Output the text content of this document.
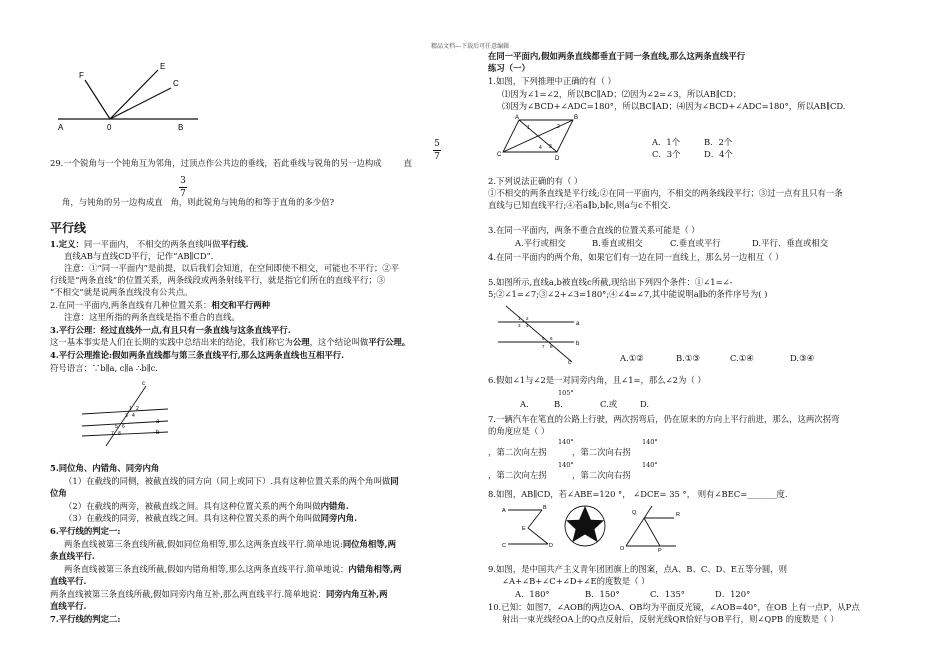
精品文档---下载后可任意编辑
F
E
C
A	0	B
5
7
29.一个锐角与一个钝角互为邻角，过顶点作公共边的垂线，若此垂线与锐角的另一边构成	直
3
7
角，与钝角的另一边构成直 角，则此锐角与钝角的和等于直角的多少倍?
平行线
1.定义：同一平面内， 不相交的两条直线叫做平行线.
直线AB与直线CD平行，记作“AB∥CD”.
注意：①“同一平面内”是前提，以后我们会知道，在空间即使不相交，可能也不平行；②平
行线是“两条直线”的位置关系，两条线段或两条射线平行，就是指它们所在的直线平行；③
“不相交”就是说两条直线没有公共点。
2.在同一平面内,两条直线有几种位置关系：相交和平行两种
注意：这里所指的两条直线是指不重合的直线。
3.平行公理：经过直线外一点,有且只有一条直线与这条直线平行.
这一基本事实是人们在长期的实践中总结出来的结论，我们称它为公理，这个结论叫做平行公理。
4.平行公理推论:假如两条直线都与第三条直线平行,那么这两条直线也互相平行.
符号语言：∵b∥a, c∥a ∴b∥c.
c
a
b
1 2
3 4
5 6
7 8
5.同位角、内错角、同旁内角
（1）在截线的同侧，被截直线的同方向（同上或同下）.具有这种位置关系的两个角叫做同
位角
（2）在截线的两旁，被截直线之间。具有这种位置关系的两个角叫做内错角.
（3）在截线的同旁，被截直线之间。具有这种位置关系的两个角叫做同旁内角.
6.平行线的判定一:
两条直线被第三条直线所截,假如同位角相等,那么这两条直线平行.简单地说:同位角相等,两
条直线平行.
两条直线被第三条直线所截,假如内错角相等,那么这两条直线平行.简单地说：内错角相等,两
直线平行.
两条直线被第三条直线所截,假如同旁内角互补,那么两直线平行.简单地说：同旁内角互补,两
直线平行.
7.平行线的判定二:
在同一平面内,假如两条直线都垂直于同一条直线,那么这两条直线平行
练习（一）
1.如图，下列推理中正确的有（ ）
⑴因为∠1=∠2，所以BC∥AD；⑵因为∠2=∠3，所以AB∥CD；
⑶因为∠BCD+∠ADC=180°，所以BC∥AD；⑷因为∠BCD+∠ADC=180°，所以AB∥CD.
A	B
C
D
1	2
3
4
A．1个	B．2个
C．3个	D．4个
2.下列说法正确的有（ ）
①不相交的两条直线是平行线;②在同一平面内，不相交的两条线段平行；③过一点有且只有一条
直线与已知直线平行;④若a∥b,b∥c,则a与c不相交.
3.在同一平面内，两条不重合直线的位置关系可能是（ ）
A.平行或相交	B.垂直或相交	C.垂直或平行	D.平行、垂直或相交
4.在同一平面内的两个角，如果它们有一边在同一直线上，那么另一边相互（ ）
5.如图所示,直线a,b被直线c所截,现给出下列四个条件：①∠1=∠-
5;②∠1=∠7;③∠2+∠3=180°;④∠4=∠7,其中能说明a∥b的条件序号为( )
a
b
c
1 2
3 4
5 6
7 8
A.①②	B.①③	C.①④	D.③④
6.假如∠1与∠2是一对同旁内角，且∠1=，那么∠2为（ ）
105°
A.	B.	C.或	D.
7.一辆汽车在笔直的公路上行驶，两次拐弯后，仍在原来的方向上平行前进，那么，这两次拐弯
的角度应是（ ）
140°
，第二次向左拐
140°
，第二次向右拐
140°
，第二次向左拐
140°
，第二次向右拐
8.如图，AB∥CD，若∠ABE=120 °， ∠DCE= 35 °， 则有∠BEC=_______度.
A	B
E
C	D
Q	R
O	P
9.如图，是中国共产主义青年团团旗上的图案，点A、B、C、D、E五等分圆，则
∠A+∠B+∠C+∠D+∠E的度数是（ ）
A．180°	B．150°	C．135°	D．120°
10.已知：如图7，∠AOB的两边OA、OB均为平面反光镜，∠AOB=40°，在OB 上有一点P，从P点
射出一束光线经OA上的Q点反射后，反射光线QR恰好与OB平行，则∠QPB 的度数是（ ）
